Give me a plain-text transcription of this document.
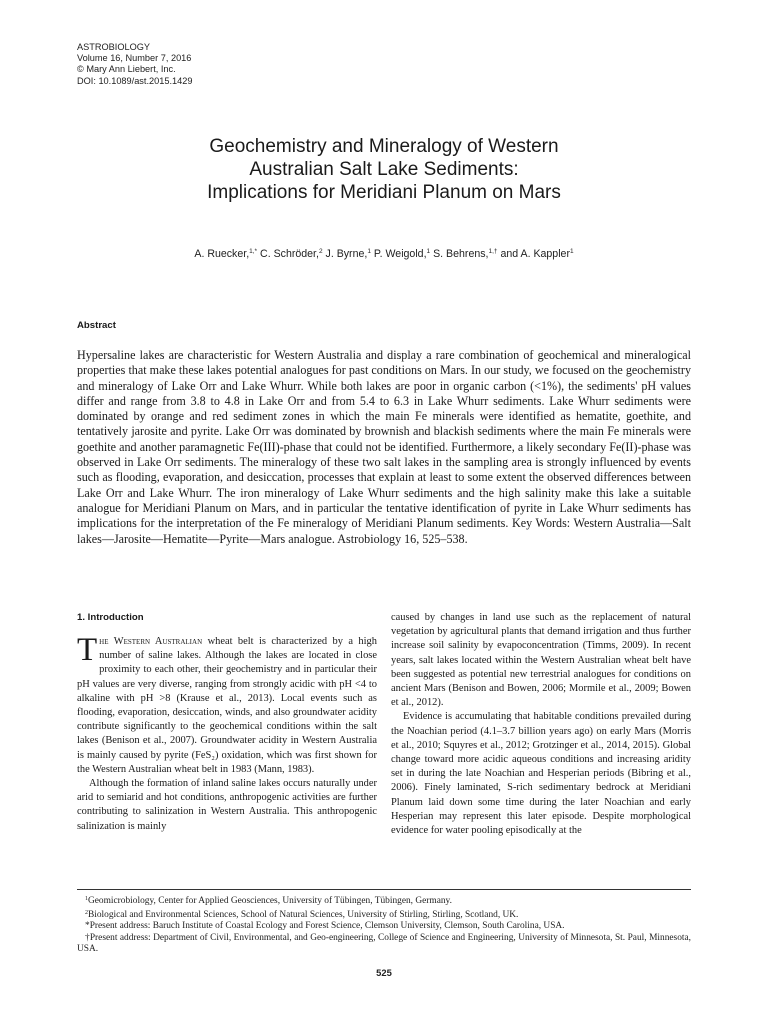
ASTROBIOLOGY
Volume 16, Number 7, 2016
© Mary Ann Liebert, Inc.
DOI: 10.1089/ast.2015.1429
Geochemistry and Mineralogy of Western
Australian Salt Lake Sediments:
Implications for Meridiani Planum on Mars
A. Ruecker,$^{1,*}$ C. Schröder,$^2$ J. Byrne,$^1$ P. Weigold,$^1$ S. Behrens,$^{1,\dagger}$ and A. Kappler$^1$
Abstract
Hypersaline lakes are characteristic for Western Australia and display a rare combination of geochemical and mineralogical properties that make these lakes potential analogues for past conditions on Mars. In our study, we focused on the geochemistry and mineralogy of Lake Orr and Lake Whurr. While both lakes are poor in organic carbon (<1%), the sediments' pH values differ and range from 3.8 to 4.8 in Lake Orr and from 5.4 to 6.3 in Lake Whurr sediments. Lake Whurr sediments were dominated by orange and red sediment zones in which the main Fe minerals were identified as hematite, goethite, and tentatively jarosite and pyrite. Lake Orr was dominated by brownish and blackish sediments where the main Fe minerals were goethite and another paramagnetic Fe(III)-phase that could not be identified. Furthermore, a likely secondary Fe(II)-phase was observed in Lake Orr sediments. The mineralogy of these two salt lakes in the sampling area is strongly influenced by events such as flooding, evaporation, and desiccation, processes that explain at least to some extent the observed differences between Lake Orr and Lake Whurr. The iron mineralogy of Lake Whurr sediments and the high salinity make this lake a suitable analogue for Meridiani Planum on Mars, and in particular the tentative identification of pyrite in Lake Whurr sediments has implications for the interpretation of the Fe mineralogy of Meridiani Planum sediments. Key Words: Western Australia—Salt lakes—Jarosite—Hematite—Pyrite—Mars analogue. Astrobiology 16, 525–538.
1. Introduction

The Western Australian wheat belt is characterized by a high number of saline lakes. Although the lakes are located in close proximity to each other, their geochemistry and in particular their pH values are very diverse, ranging from strongly acidic with pH <4 to alkaline with pH >8 (Krause et al., 2013). Local events such as flooding, evaporation, desiccation, winds, and also groundwater acidity contribute significantly to the geochemical conditions within the salt lakes (Benison et al., 2007). Groundwater acidity in Western Australia is mainly caused by pyrite (FeS₂) oxidation, which was first shown for the Western Australian wheat belt in 1983 (Mann, 1983).

Although the formation of inland saline lakes occurs naturally under arid to semiarid and hot conditions, anthropogenic activities are further contributing to salinization in Western Australia. This anthropogenic salinization is mainly

caused by changes in land use such as the replacement of natural vegetation by agricultural plants that demand irrigation and thus further increase soil salinity by evapoconcentration (Timms, 2009). In recent years, salt lakes located within the Western Australian wheat belt have been suggested as potential new terrestrial analogues for conditions on ancient Mars (Benison and Bowen, 2006; Mormile et al., 2009; Bowen et al., 2012).

Evidence is accumulating that habitable conditions prevailed during the Noachian period (4.1–3.7 billion years ago) on early Mars (Morris et al., 2010; Squyres et al., 2012; Grotzinger et al., 2014, 2015). Global change toward more acidic aqueous conditions and increasing aridity set in during the late Noachian and Hesperian periods (Bibring et al., 2006). Finely laminated, S-rich sedimentary bedrock at Meridiani Planum laid down some time during the later Noachian and early Hesperian may represent this later episode. Despite morphological evidence for water pooling episodically at the

$^1$Geomicrobiology, Center for Applied Geosciences, University of Tübingen, Tübingen, Germany.

$^2$Biological and Environmental Sciences, School of Natural Sciences, University of Stirling, Stirling, Scotland, UK.

*Present address: Baruch Institute of Coastal Ecology and Forest Science, Clemson University, Clemson, South Carolina, USA.

†Present address: Department of Civil, Environmental, and Geo-engineering, College of Science and Engineering, University of Minnesota, St. Paul, Minnesota, USA.

525
